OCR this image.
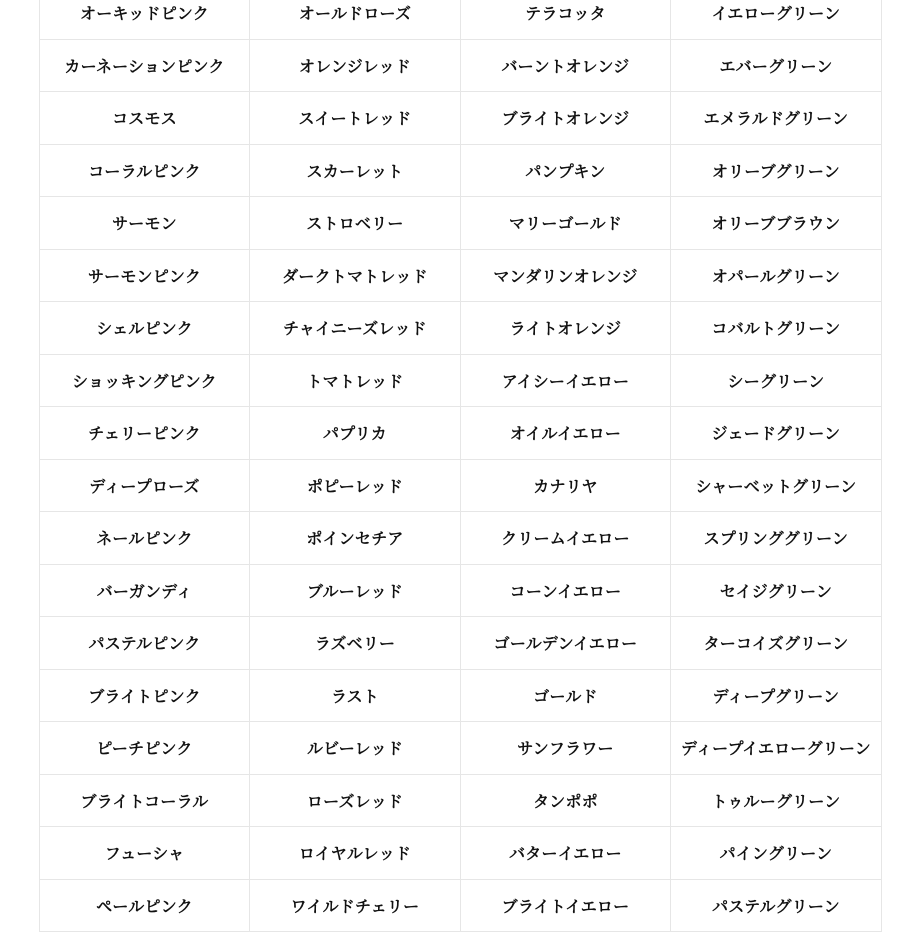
オーキッドピンク	オールドローズ	テラコッタ	イエローグリーン
カーネーションピンク	オレンジレッド	バーントオレンジ	エバーグリーン
コスモス	スイートレッド	ブライトオレンジ	エメラルドグリーン
コーラルピンク	スカーレット	パンプキン	オリーブグリーン
サーモン	ストロベリー	マリーゴールド	オリーブブラウン
サーモンピンク	ダークトマトレッド	マンダリンオレンジ	オパールグリーン
シェルピンク	チャイニーズレッド	ライトオレンジ	コバルトグリーン
ショッキングピンク	トマトレッド	アイシーイエロー	シーグリーン
チェリーピンク	パプリカ	オイルイエロー	ジェードグリーン
ディープローズ	ポピーレッド	カナリヤ	シャーベットグリーン
ネールピンク	ポインセチア	クリームイエロー	スプリンググリーン
バーガンディ	ブルーレッド	コーンイエロー	セイジグリーン
パステルピンク	ラズベリー	ゴールデンイエロー	ターコイズグリーン
ブライトピンク	ラスト	ゴールド	ディープグリーン
ピーチピンク	ルビーレッド	サンフラワー	ディープイエローグリーン
ブライトコーラル	ローズレッド	タンポポ	トゥルーグリーン
フューシャ	ロイヤルレッド	バターイエロー	パイングリーン
ペールピンク	ワイルドチェリー	ブライトイエロー	パステルグリーン
